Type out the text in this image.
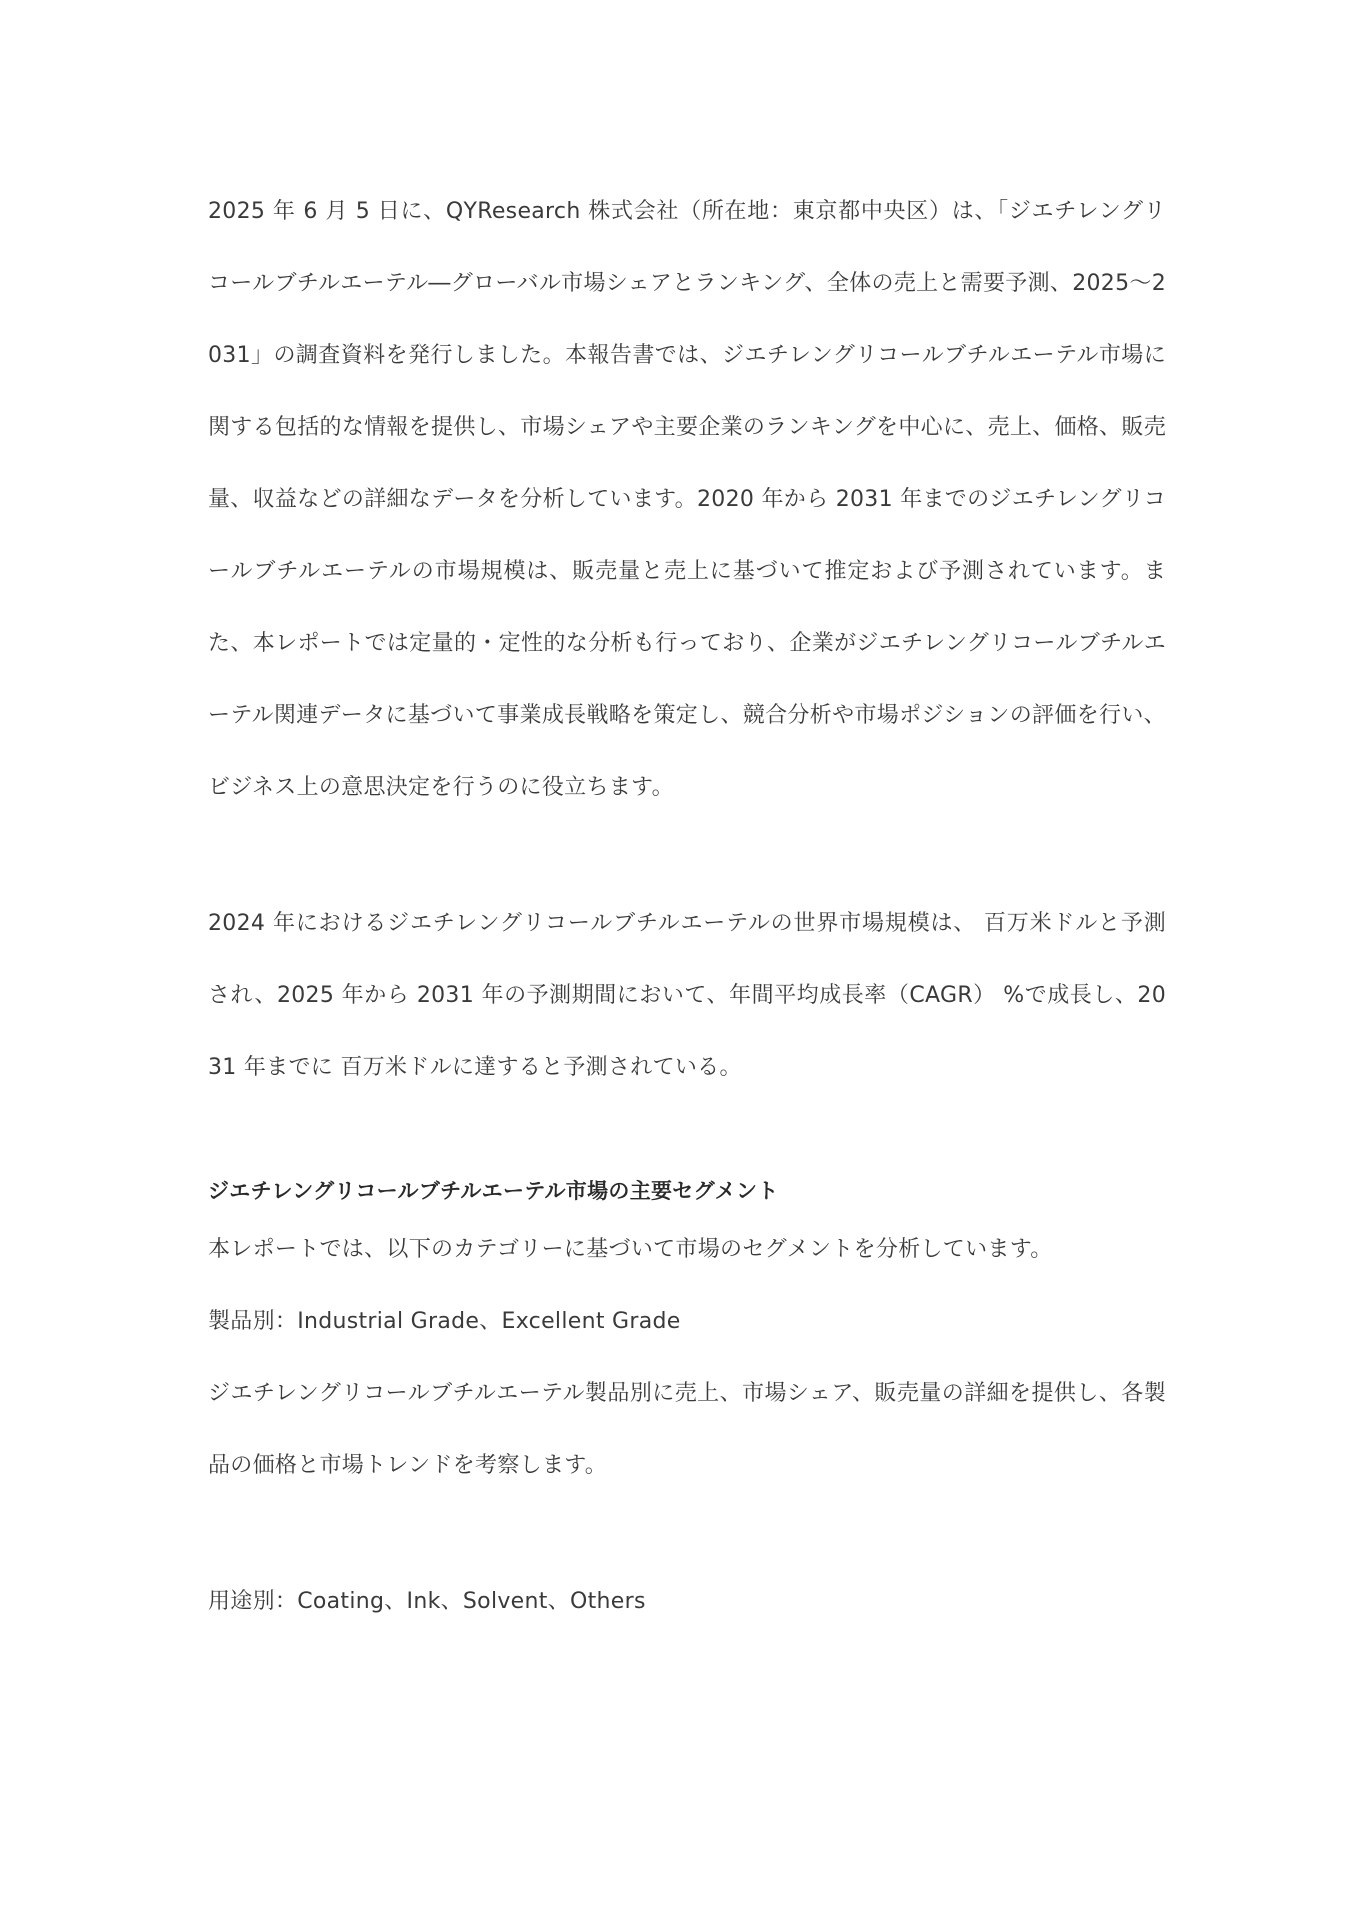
2025 年 6 月 5 日に、QYResearch 株式会社（所在地：東京都中央区）は、「ジエチレングリコールブチルエーテル―グローバル市場シェアとランキング、全体の売上と需要予測、2025～2031」の調査資料を発行しました。本報告書では、ジエチレングリコールブチルエーテル市場に関する包括的な情報を提供し、市場シェアや主要企業のランキングを中心に、売上、価格、販売量、収益などの詳細なデータを分析しています。2020 年から 2031 年までのジエチレングリコールブチルエーテルの市場規模は、販売量と売上に基づいて推定および予測されています。また、本レポートでは定量的・定性的な分析も行っており、企業がジエチレングリコールブチルエーテル関連データに基づいて事業成長戦略を策定し、競合分析や市場ポジションの評価を行い、ビジネス上の意思決定を行うのに役立ちます。

2024 年におけるジエチレングリコールブチルエーテルの世界市場規模は、 百万米ドルと予測され、2025 年から 2031 年の予測期間において、年間平均成長率（CAGR） %で成長し、2031 年までに 百万米ドルに達すると予測されている。

ジエチレングリコールブチルエーテル市場の主要セグメント

本レポートでは、以下のカテゴリーに基づいて市場のセグメントを分析しています。

製品別：Industrial Grade、Excellent Grade

ジエチレングリコールブチルエーテル製品別に売上、市場シェア、販売量の詳細を提供し、各製品の価格と市場トレンドを考察します。

用途別：Coating、Ink、Solvent、Others
